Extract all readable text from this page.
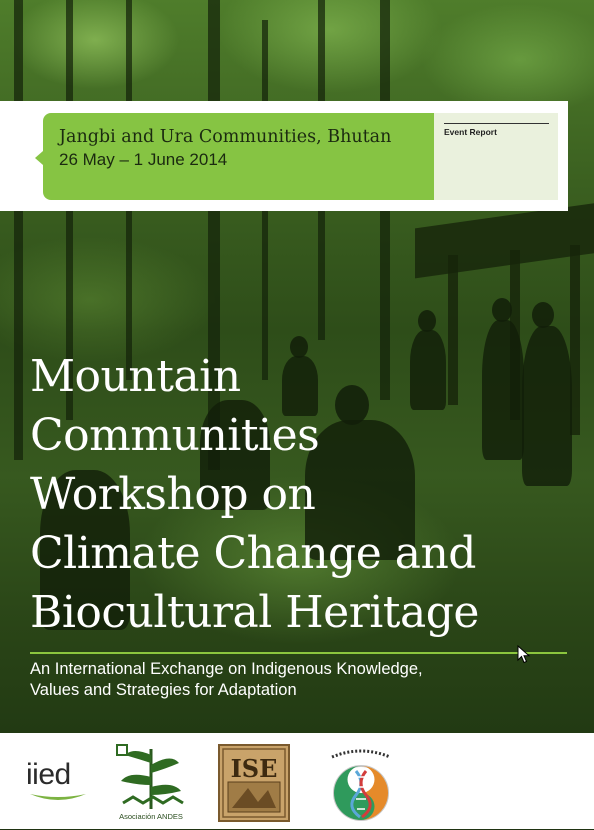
Jangbi and Ura Communities, Bhutan
26 May – 1 June 2014
Event Report
Mountain
Communities
Workshop on
Climate Change and
Biocultural Heritage
An International Exchange on Indigenous Knowledge,
Values and Strategies for Adaptation
iied
Asociación ANDES
ISE
